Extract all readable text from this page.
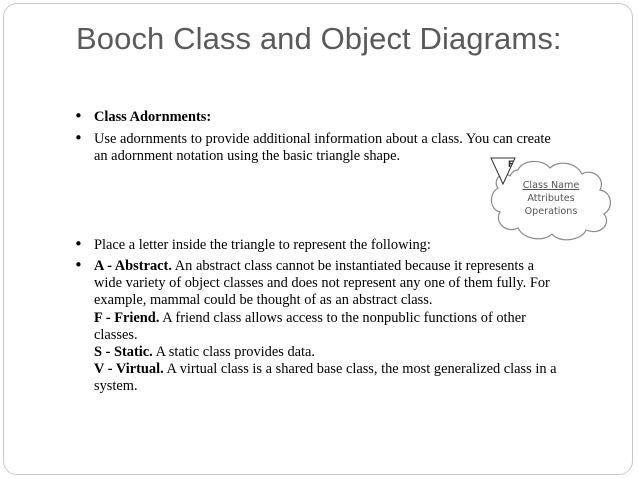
Booch Class and Object Diagrams:
• Class Adornments:
• Use adornments to provide additional information about a class. You can create
an adornment notation using the basic triangle shape.
• Place a letter inside the triangle to represent the following:
• A - Abstract. An abstract class cannot be instantiated because it represents a
wide variety of object classes and does not represent any one of them fully. For
example, mammal could be thought of as an abstract class.
F - Friend. A friend class allows access to the nonpublic functions of other
classes.
S - Static. A static class provides data.
V - Virtual. A virtual class is a shared base class, the most generalized class in a
system.
F
Class Name
Attributes
Operations
